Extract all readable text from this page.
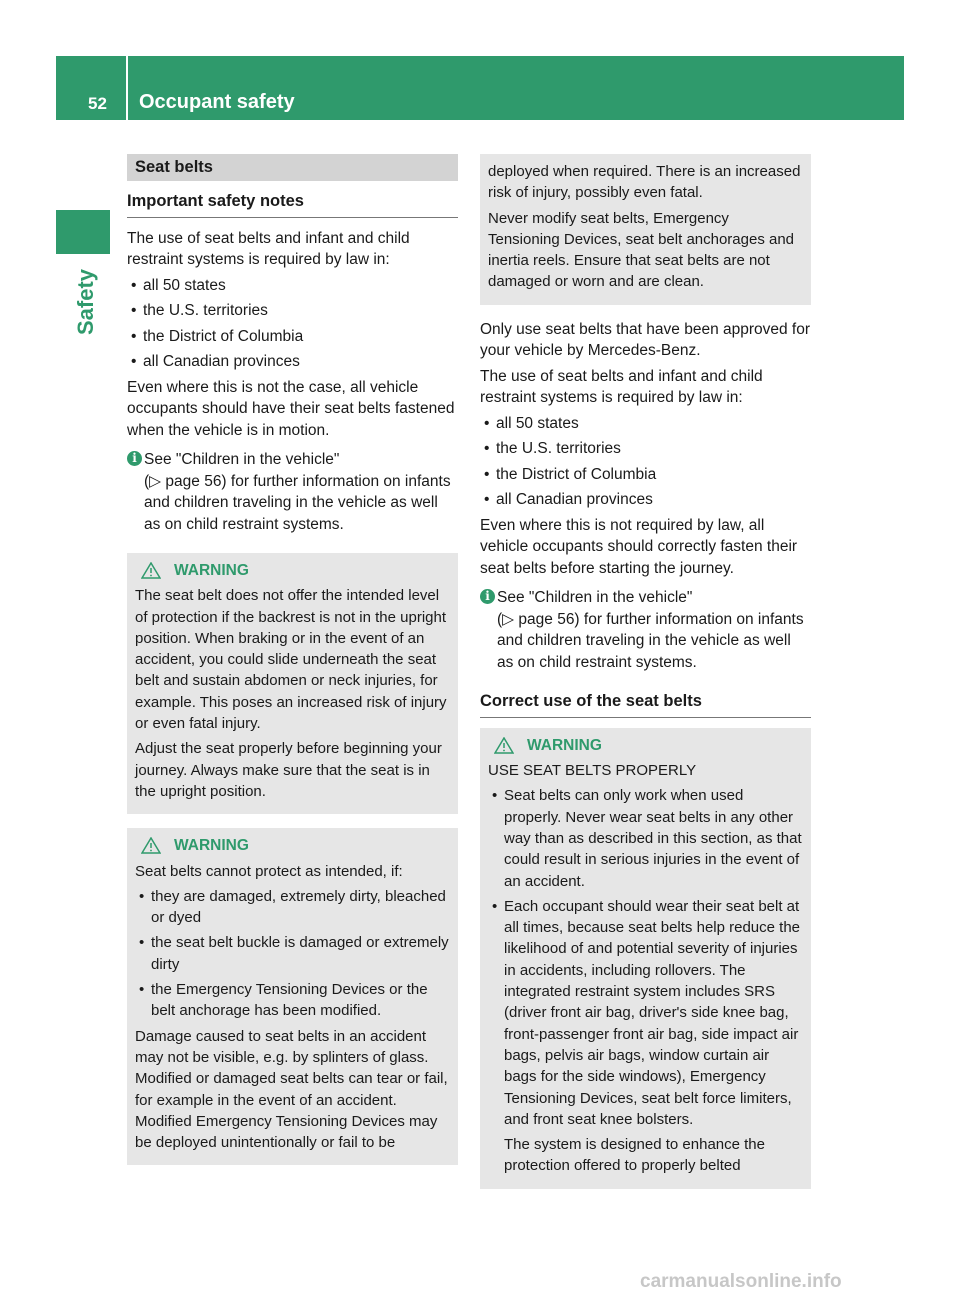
52 Occupant safety
Safety
Seat belts
Important safety notes

The use of seat belts and infant and child restraint systems is required by law in:

• all 50 states
• the U.S. territories
• the District of Columbia
• all Canadian provinces

Even where this is not the case, all vehicle occupants should have their seat belts fastened when the vehicle is in motion.

i See "Children in the vehicle"
(▷ page 56) for further information on infants and children traveling in the vehicle as well as on child restraint systems.
WARNING

The seat belt does not offer the intended level of protection if the backrest is not in the upright position. When braking or in the event of an accident, you could slide underneath the seat belt and sustain abdomen or neck injuries, for example. This poses an increased risk of injury or even fatal injury.

Adjust the seat properly before beginning your journey. Always make sure that the seat is in the upright position.

WARNING

Seat belts cannot protect as intended, if:

• they are damaged, extremely dirty, bleached or dyed
• the seat belt buckle is damaged or extremely dirty
• the Emergency Tensioning Devices or the belt anchorage has been modified.

Damage caused to seat belts in an accident may not be visible, e.g. by splinters of glass. Modified or damaged seat belts can tear or fail, for example in the event of an accident. Modified Emergency Tensioning Devices may be deployed unintentionally or fail to be

deployed when required. There is an increased risk of injury, possibly even fatal.

Never modify seat belts, Emergency Tensioning Devices, seat belt anchorages and inertia reels. Ensure that seat belts are not damaged or worn and are clean.

Only use seat belts that have been approved for your vehicle by Mercedes-Benz.

The use of seat belts and infant and child restraint systems is required by law in:

• all 50 states
• the U.S. territories
• the District of Columbia
• all Canadian provinces

Even where this is not required by law, all vehicle occupants should correctly fasten their seat belts before starting the journey.

i See "Children in the vehicle"
(▷ page 56) for further information on infants and children traveling in the vehicle as well as on child restraint systems.
Correct use of the seat belts
WARNING

USE SEAT BELTS PROPERLY

• Seat belts can only work when used properly. Never wear seat belts in any other way than as described in this section, as that could result in serious injuries in the event of an accident.
• Each occupant should wear their seat belt at all times, because seat belts help reduce the likelihood of and potential severity of injuries in accidents, including rollovers. The integrated restraint system includes SRS (driver front air bag, driver's side knee bag, front-passenger front air bag, side impact air bags, pelvis air bags, window curtain air bags for the side windows), Emergency Tensioning Devices, seat belt force limiters, and front seat knee bolsters.

The system is designed to enhance the protection offered to properly belted

carmanualsonline.info
